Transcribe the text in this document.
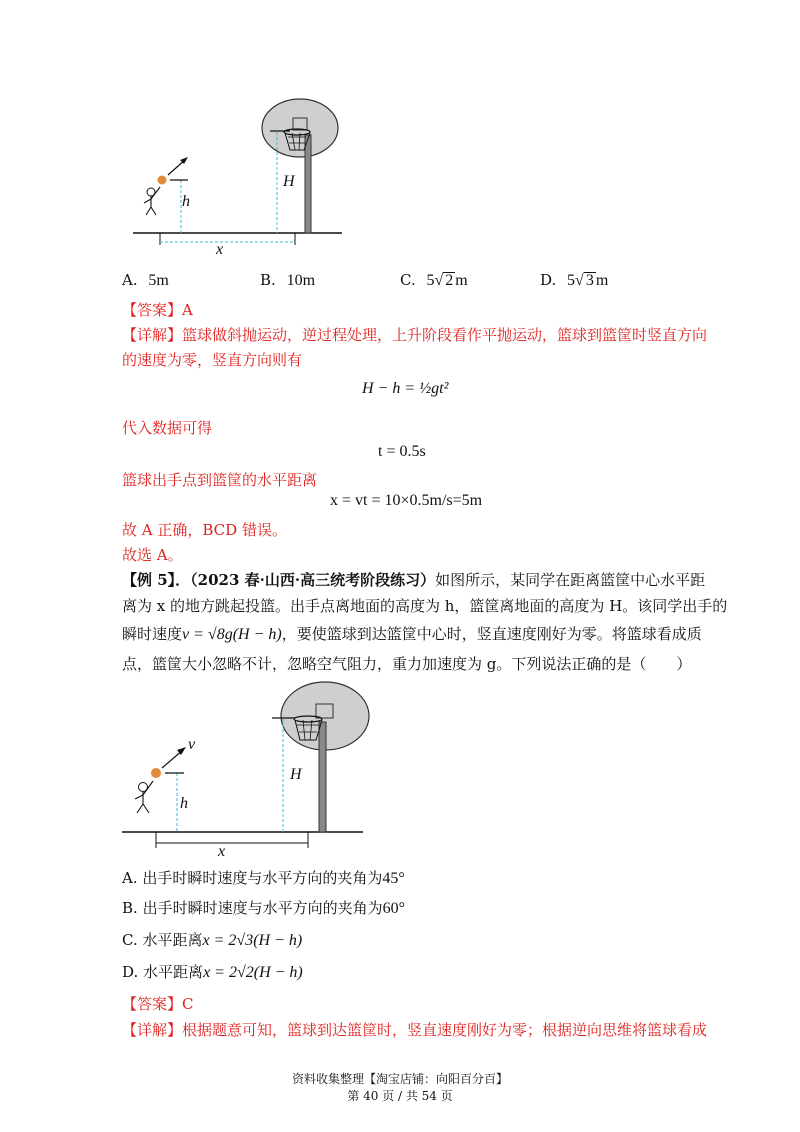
h
H
x
A. 5m	B. 10m	C. 5√ 2 m	D. 5√ 3 m
【答案】A
【详解】篮球做斜抛运动，逆过程处理，上升阶段看作平抛运动，篮球到篮筐时竖直方向
的速度为零，竖直方向则有
H − h = ½gt²
代入数据可得
t = 0.5s
篮球出手点到篮筐的水平距离
x = vt = 10×0.5m/s=5m
故 A 正确，BCD 错误。
故选 A。
【例 5】．（2023 春·山西·高三统考阶段练习）如图所示，某同学在距离篮筐中心水平距
离为 x 的地方跳起投篮。出手点离地面的高度为 h，篮筐离地面的高度为 H。该同学出手的
瞬时速度v = √8g(H − h)，要使篮球到达篮筐中心时，竖直速度刚好为零。将篮球看成质
点，篮筐大小忽略不计，忽略空气阻力，重力加速度为 g。下列说法正确的是（　　）
v
h
H
x
A. 出手时瞬时速度与水平方向的夹角为45°
B. 出手时瞬时速度与水平方向的夹角为60°
C. 水平距离x = 2√3(H − h)
D. 水平距离x = 2√2(H − h)
【答案】C
【详解】根据题意可知，篮球到达篮筐时，竖直速度刚好为零；根据逆向思维将篮球看成
资料收集整理【淘宝店铺：向阳百分百】
第 40 页 / 共 54 页
